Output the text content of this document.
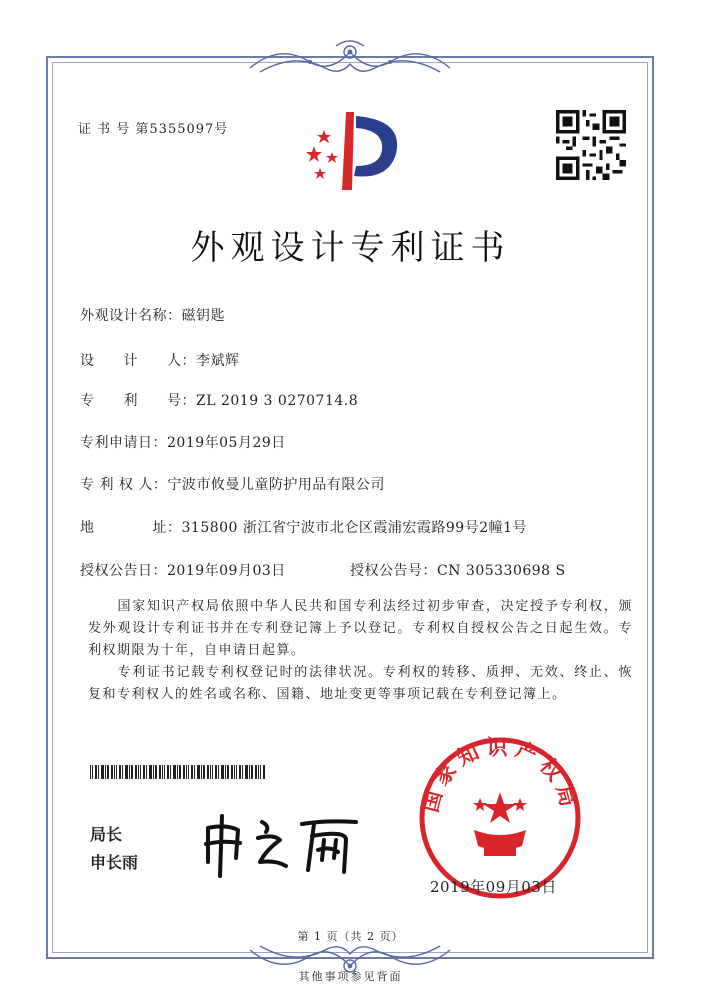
证 书 号 第5355097号
外观设计专利证书
外观设计名称：磁钥匙
设　　计　　人：李斌辉
专　　利　　号：ZL 2019 3 0270714.8
专利申请日：2019年05月29日
专 利 权 人：宁波市攸曼儿童防护用品有限公司
地　　　　址：315800 浙江省宁波市北仑区霞浦宏霞路99号2幢1号
授权公告日：2019年09月03日	授权公告号：CN 305330698 S
　　国家知识产权局依照中华人民共和国专利法经过初步审查，决定授予专利权，颁发外观设计专利证书并在专利登记簿上予以登记。专利权自授权公告之日起生效。专利权期限为十年，自申请日起算。
　　专利证书记载专利权登记时的法律状况。专利权的转移、质押、无效、终止、恢复和专利权人的姓名或名称、国籍、地址变更等事项记载在专利登记簿上。
局长
申长雨
国家知识产权局
2019年09月03日
第 1 页（共 2 页）
其他事项参见背面
